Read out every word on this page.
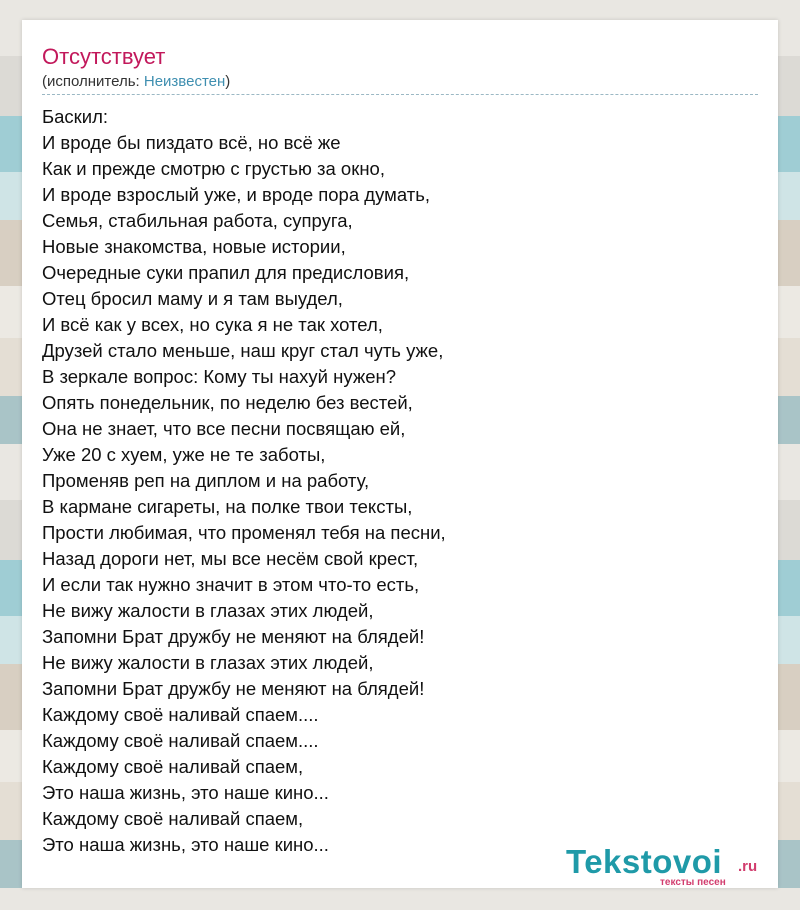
Отсутствует
(исполнитель: Неизвестен)
Баскил:
И вроде бы пиздато всё, но всё же
Как и прежде смотрю с грустью за окно,
И вроде взрослый уже, и вроде пора думать,
Семья, стабильная работа, супруга,
Новые знакомства, новые истории,
Очередные суки прапил для предисловия,
Отец бросил маму и я там выудел,
И всё как у всех, но сука я не так хотел,
Друзей стало меньше, наш круг стал чуть уже,
В зеркале вопрос: Кому ты нахуй нужен?
Опять понедельник, по неделю без вестей,
Она не знает, что все песни посвящаю ей,
Уже 20 с хуем, уже не те заботы,
Променяв реп на диплом и на работу,
В кармане сигареты, на полке твои тексты,
Прости любимая, что променял тебя на песни,
Назад дороги нет, мы все несём свой крест,
И если так нужно значит в этом что-то есть,
Не вижу жалости в глазах этих людей,
Запомни Брат дружбу не меняют на блядей!
Не вижу жалости в глазах этих людей,
Запомни Брат дружбу не меняют на блядей!
Каждому своё наливай спаем....
Каждому своё наливай спаем....
Каждому своё наливай спаем,
Это наша жизнь, это наше кино...
Каждому своё наливай спаем,
Это наша жизнь, это наше кино...	Tekstovoi .ru
тексты песен
